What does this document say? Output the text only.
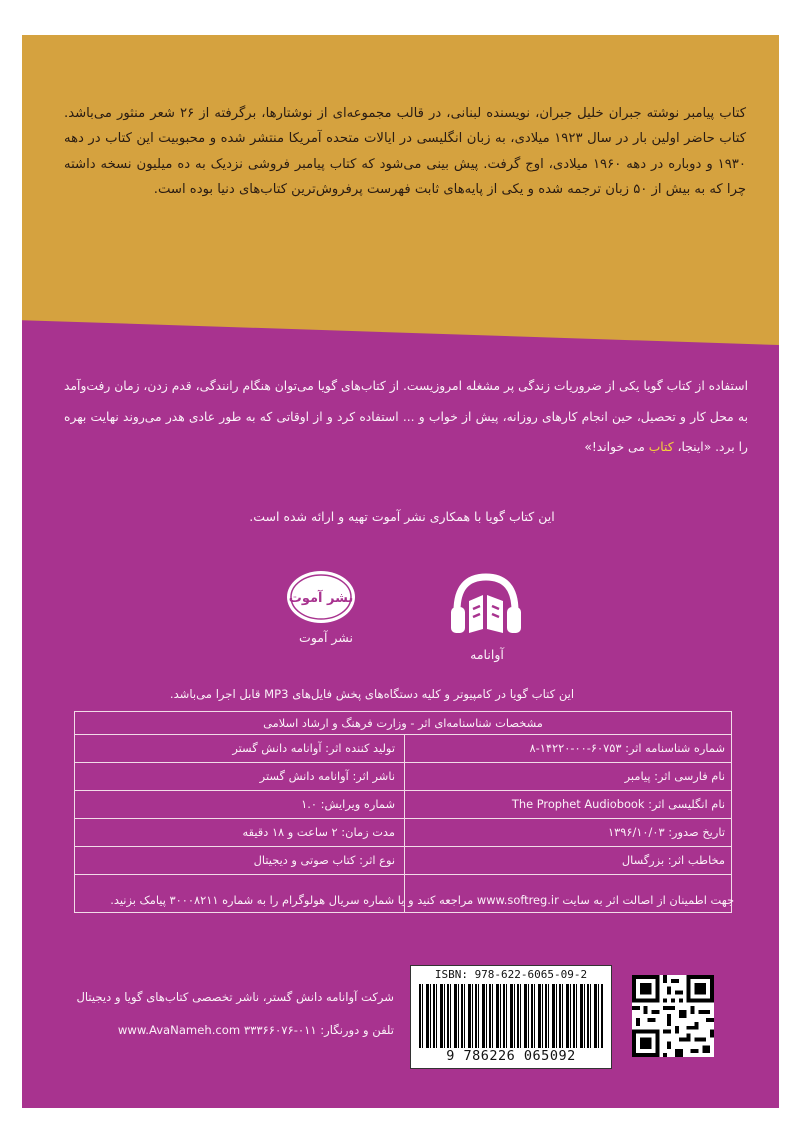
کتاب پیامبر نوشته جبران خلیل جبران، نویسنده لبنانی، در قالب مجموعه‌ای از نوشتارها، برگرفته از ۲۶ شعر منثور می‌باشد. کتاب حاضر اولین بار در سال ۱۹۲۳ میلادی، به زبان انگلیسی در ایالات متحده آمریکا منتشر شده و محبوبیت این کتاب در دهه ۱۹۳۰ و دوباره در دهه ۱۹۶۰ میلادی، اوج گرفت. پیش بینی می‌شود که کتاب پیامبر فروشی نزدیک به ده میلیون نسخه داشته چرا که به بیش از ۵۰ زبان ترجمه شده و یکی از پایه‌های ثابت فهرست پرفروش‌ترین کتاب‌های دنیا بوده است.
استفاده از کتاب گویا یکی از ضروریات زندگی پر مشغله امروزیست. از کتاب‌های گویا می‌توان هنگام رانندگی، قدم زدن، زمان رفت‌وآمد به محل کار و تحصیل، حین انجام کارهای روزانه، پیش از خواب و ... استفاده کرد و از اوقاتی که به طور عادی هدر می‌روند نهایت بهره را برد. «اینجا، کتاب می خواند!»
این کتاب گویا با همکاری نشر آموت تهیه و ارائه شده است.
آوانامه
نشر آموت
نشر آموت
این کتاب گویا در کامپیوتر و کلیه دستگاه‌های پخش فایل‌های MP3 قابل اجرا می‌باشد.
مشخصات شناسنامه‌ای اثر - وزارت فرهنگ و ارشاد اسلامی
شماره شناسنامه اثر: ۶۰۷۵۳-۰۰-۱۴۲۲۰-۸
تولید کننده اثر: آوانامه دانش گستر
نام فارسی اثر: پیامبر
ناشر اثر: آوانامه دانش گستر
نام انگلیسی اثر: The Prophet Audiobook
شماره ویرایش: ۱.۰
تاریخ صدور: ۱۳۹۶/۱۰/۰۳
مدت زمان: ۲ ساعت و ۱۸ دقیقه
مخاطب اثر: بزرگسال
نوع اثر: کتاب صوتی و دیجیتال
جهت اطمینان از اصالت اثر به سایت www.softreg.ir مراجعه کنید و یا شماره سریال هولوگرام را به شماره ۳۰۰۰۸۲۱۱ پیامک بزنید.
شرکت آوانامه دانش گستر، ناشر تخصصی کتاب‌های گویا و دیجیتال
تلفن و دورنگار: ۰۱۱-۳۳۳۶۶۰۷۶ www.AvaNameh.com
ISBN: 978-622-6065-09-2
9 786226 065092
